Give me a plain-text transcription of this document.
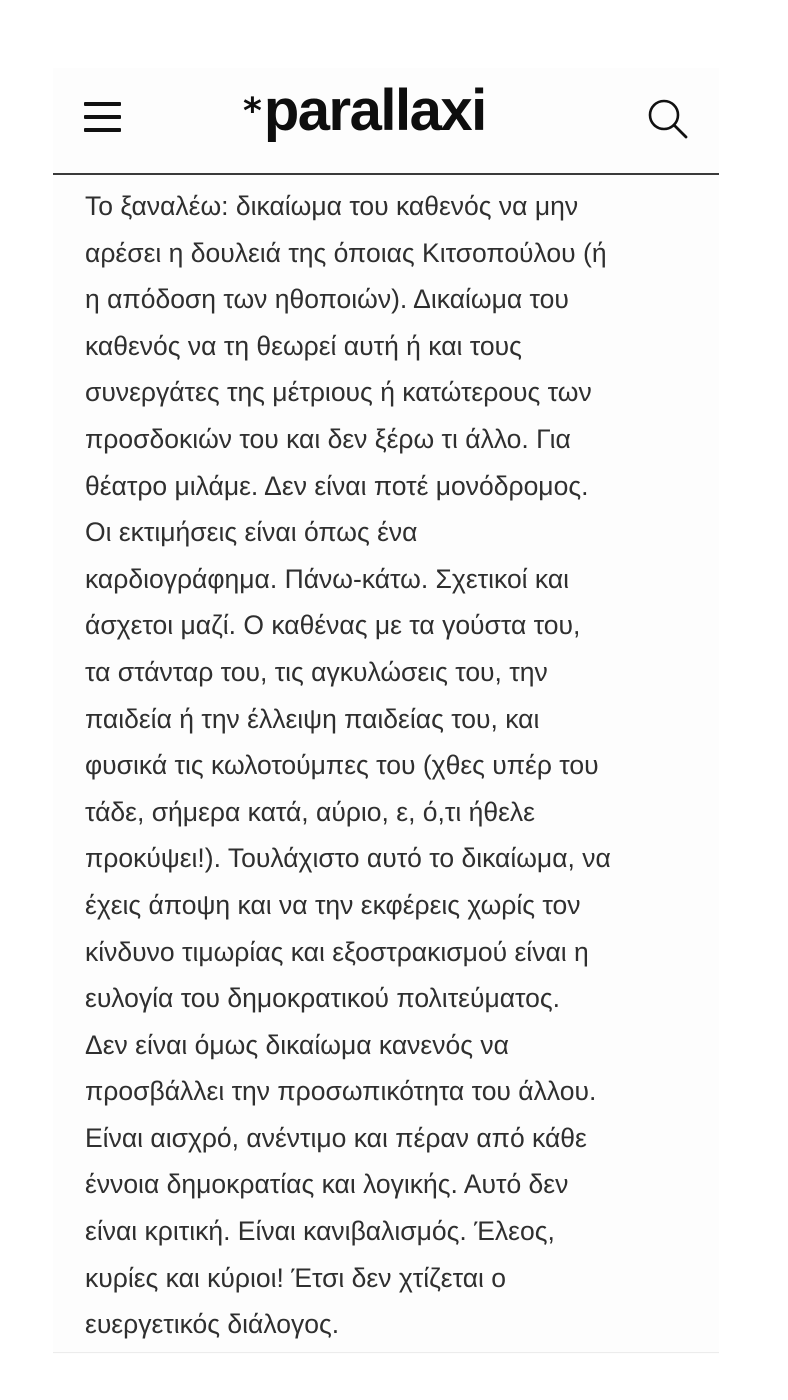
* parallaxi

Το ξαναλέω: δικαίωμα του καθενός να μην
αρέσει η δουλειά της όποιας Κιτσοπούλου (ή
η απόδοση των ηθοποιών). Δικαίωμα του
καθενός να τη θεωρεί αυτή ή και τους
συνεργάτες της μέτριους ή κατώτερους των
προσδοκιών του και δεν ξέρω τι άλλο. Για
θέατρο μιλάμε. Δεν είναι ποτέ μονόδρομος.
Οι εκτιμήσεις είναι όπως ένα
καρδιογράφημα. Πάνω-κάτω. Σχετικοί και
άσχετοι μαζί. Ο καθένας με τα γούστα του,
τα στάνταρ του, τις αγκυλώσεις του, την
παιδεία ή την έλλειψη παιδείας του, και
φυσικά τις κωλοτούμπες του (χθες υπέρ του
τάδε, σήμερα κατά, αύριο, ε, ό,τι ήθελε
προκύψει!). Τουλάχιστο αυτό το δικαίωμα, να
έχεις άποψη και να την εκφέρεις χωρίς τον
κίνδυνο τιμωρίας και εξοστρακισμού είναι η
ευλογία του δημοκρατικού πολιτεύματος.
Δεν είναι όμως δικαίωμα κανενός να
προσβάλλει την προσωπικότητα του άλλου.
Είναι αισχρό, ανέντιμο και πέραν από κάθε
έννοια δημοκρατίας και λογικής. Αυτό δεν
είναι κριτική. Είναι κανιβαλισμός. Έλεος,
κυρίες και κύριοι! Έτσι δεν χτίζεται ο
ευεργετικός διάλογος.
